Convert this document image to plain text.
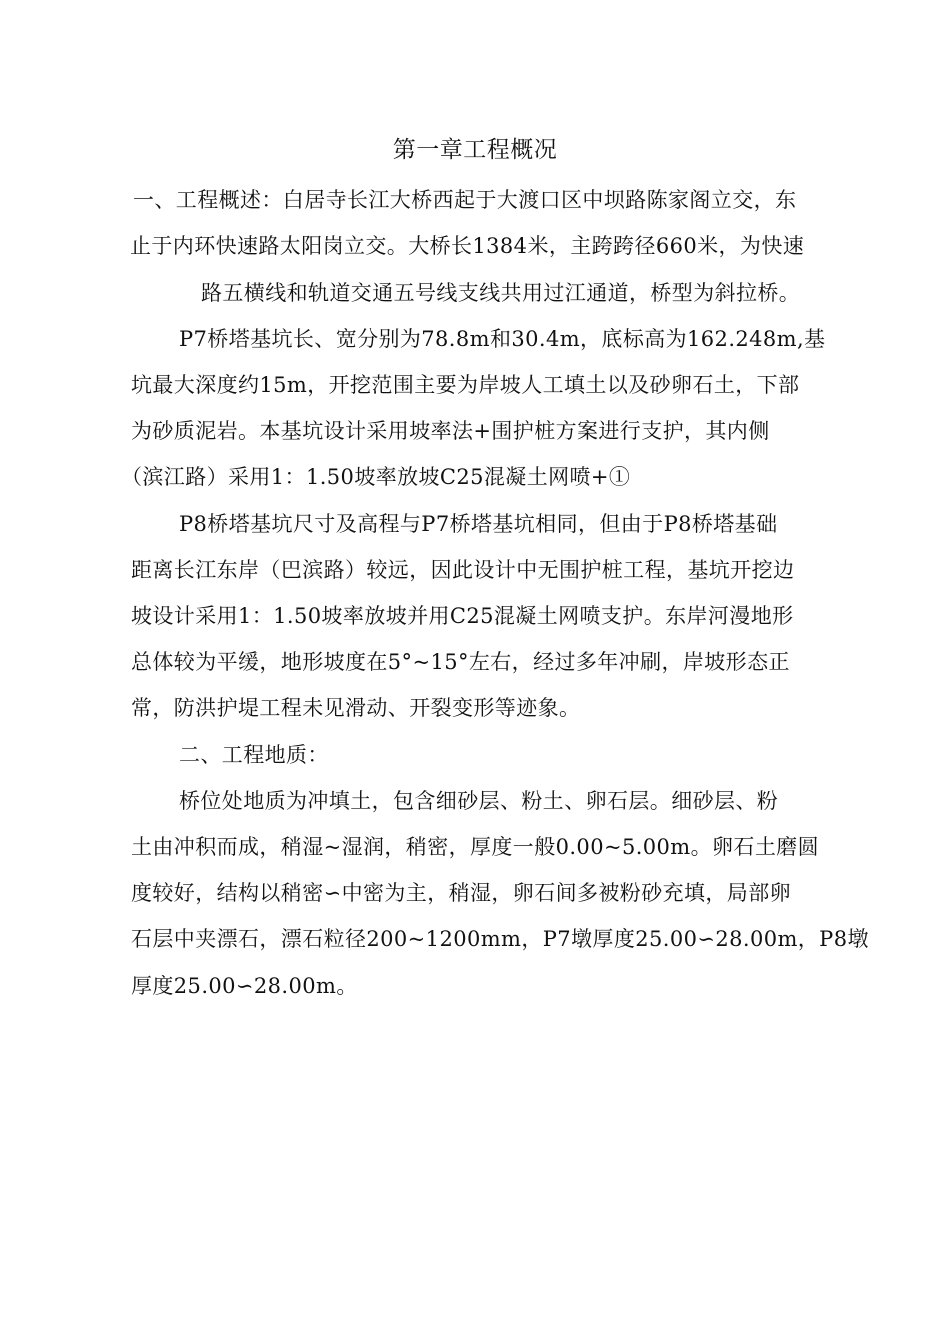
第一章工程概况
一、工程概述：白居寺长江大桥西起于大渡口区中坝路陈家阁立交，东
止于内环快速路太阳岗立交。大桥长1384米，主跨跨径660米，为快速
路五横线和轨道交通五号线支线共用过江通道，桥型为斜拉桥。
P7桥塔基坑长、宽分别为78.8m和30.4m，底标高为162.248m,基
坑最大深度约15m，开挖范围主要为岸坡人工填土以及砂卵石土，下部
为砂质泥岩。本基坑设计采用坡率法+围护桩方案进行支护，其内侧
（滨江路）采用1：1.50坡率放坡C25混凝土网喷+①
P8桥塔基坑尺寸及高程与P7桥塔基坑相同，但由于P8桥塔基础
距离长江东岸（巴滨路）较远，因此设计中无围护桩工程，基坑开挖边
坡设计采用1：1.50坡率放坡并用C25混凝土网喷支护。东岸河漫地形
总体较为平缓，地形坡度在5°~15°左右，经过多年冲刷，岸坡形态正
常，防洪护堤工程未见滑动、开裂变形等迹象。
二、工程地质：
桥位处地质为冲填土，包含细砂层、粉土、卵石层。细砂层、粉
土由冲积而成，稍湿~湿润，稍密，厚度一般0.00~5.00m。卵石土磨圆
度较好，结构以稍密∽中密为主，稍湿，卵石间多被粉砂充填，局部卵
石层中夹漂石，漂石粒径200~1200mm，P7墩厚度25.00∽28.00m，P8墩
厚度25.00∽28.00m。
